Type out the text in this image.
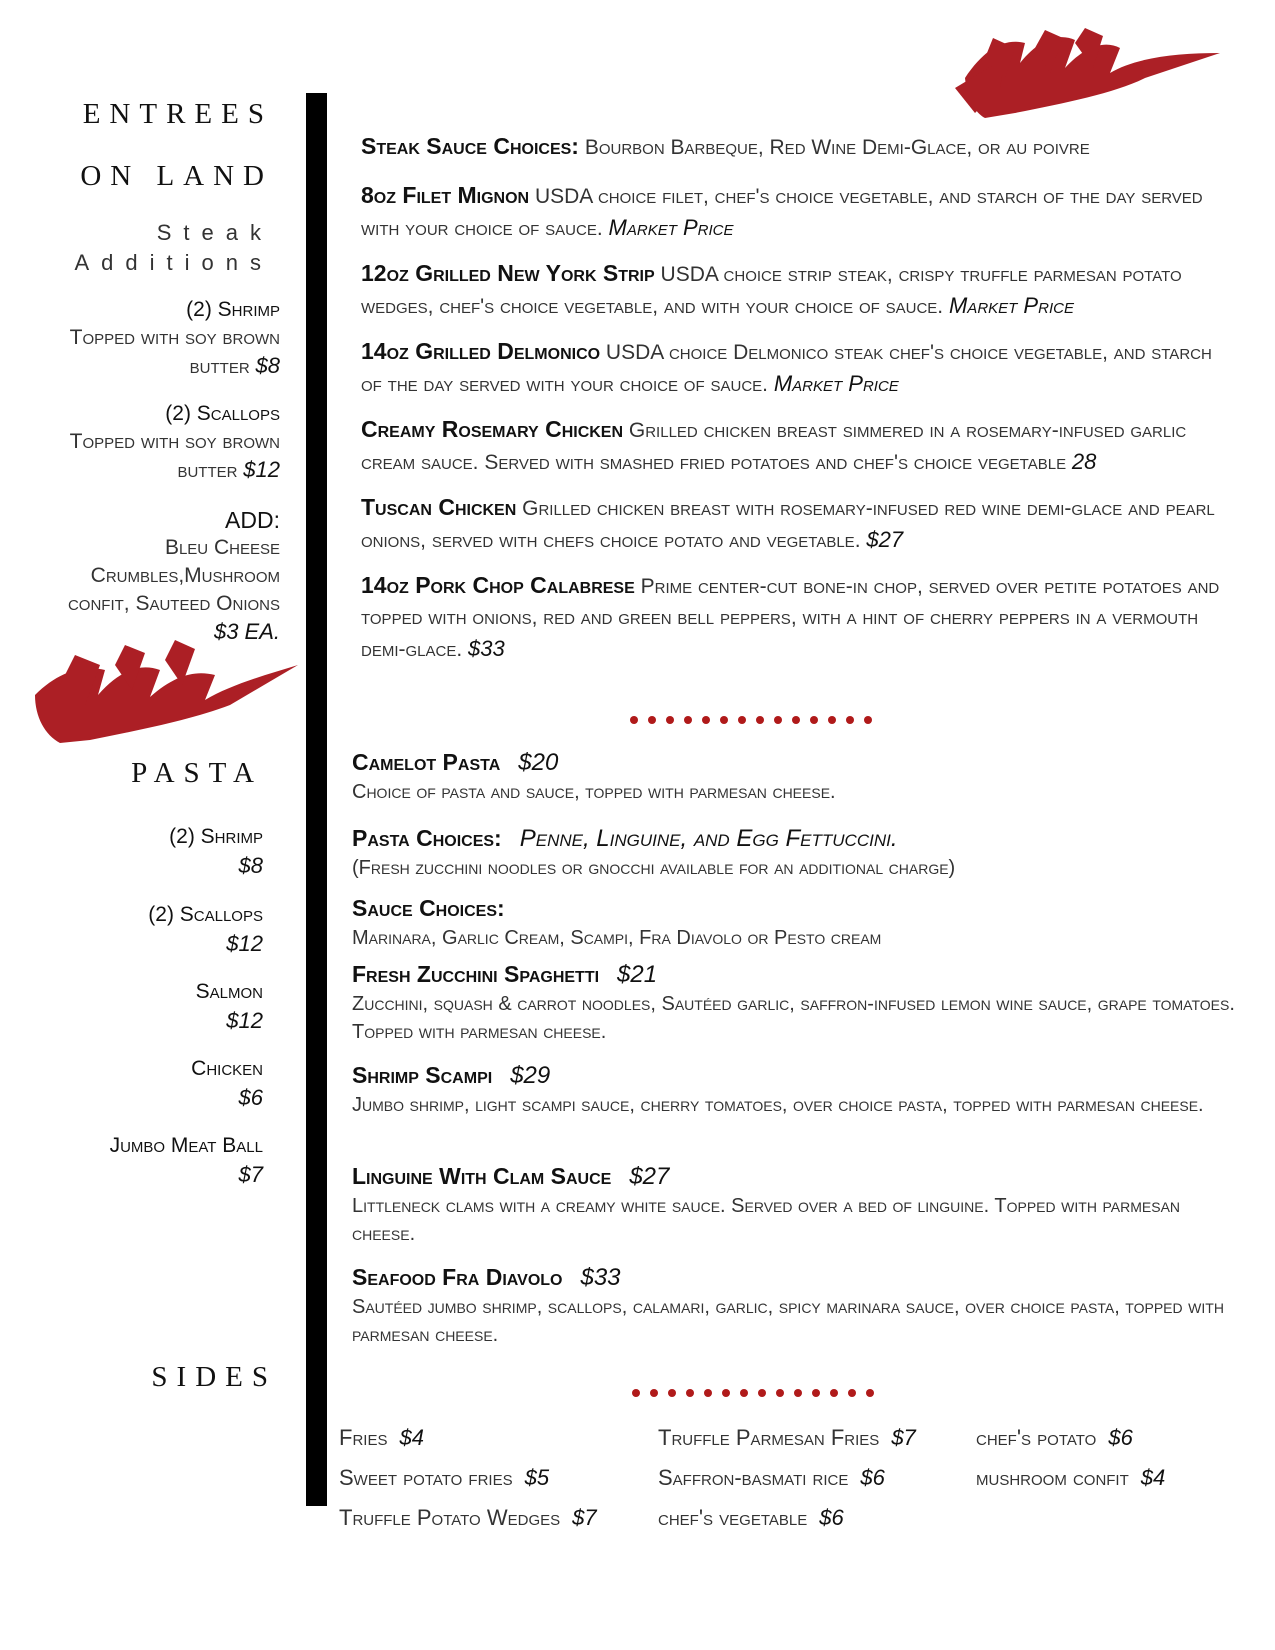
ENTREES
ON LAND
Steak
Additions
(2) Shrimp
Topped with soy brown
butter $8
(2) Scallops
Topped with soy brown
butter $12
ADD:
Bleu Cheese
Crumbles,Mushroom
confit, Sauteed Onions
$3 EA.
PASTA
(2) Shrimp
$8
(2) Scallops
$12
Salmon
$12
Chicken
$6
Jumbo Meat Ball
$7
SIDES
Steak Sauce Choices: Bourbon Barbeque, Red Wine Demi-Glace, or au poivre
8oz Filet Mignon USDA choice filet, chef's choice vegetable, and starch of the day served with your choice of sauce. Market Price
12oz Grilled New York Strip USDA choice strip steak, crispy truffle parmesan potato wedges, chef's choice vegetable, and with your choice of sauce. Market Price
14oz Grilled Delmonico USDA choice Delmonico steak chef's choice vegetable, and starch of the day served with your choice of sauce. Market Price
Creamy Rosemary Chicken Grilled chicken breast simmered in a rosemary-infused garlic cream sauce. Served with smashed fried potatoes and chef's choice vegetable 28
Tuscan Chicken Grilled chicken breast with rosemary-infused red wine demi-glace and pearl onions, served with chefs choice potato and vegetable. $27
14oz Pork Chop Calabrese Prime center-cut bone-in chop, served over petite potatoes and topped with onions, red and green bell peppers, with a hint of cherry peppers in a vermouth demi-glace. $33
Camelot Pasta $20
Choice of pasta and sauce, topped with parmesan cheese.
Pasta Choices: Penne, Linguine, and Egg Fettuccini.
(Fresh zucchini noodles or gnocchi available for an additional charge)
Sauce Choices:
Marinara, Garlic Cream, Scampi, Fra Diavolo or Pesto cream
Fresh Zucchini Spaghetti $21
Zucchini, squash & carrot noodles, Sautéed garlic, saffron-infused lemon wine sauce, grape tomatoes. Topped with parmesan cheese.
Shrimp Scampi $29
Jumbo shrimp, light scampi sauce, cherry tomatoes, over choice pasta, topped with parmesan cheese.
Linguine With Clam Sauce $27
Littleneck clams with a creamy white sauce. Served over a bed of linguine. Topped with parmesan cheese.
Seafood Fra Diavolo $33
Sautéed jumbo shrimp, scallops, calamari, garlic, spicy marinara sauce, over choice pasta, topped with parmesan cheese.
Fries $4
Sweet potato fries $5
Truffle Potato Wedges $7
Truffle Parmesan Fries $7
Saffron-basmati rice $6
chef's vegetable $6
chef's potato $6
mushroom confit $4
